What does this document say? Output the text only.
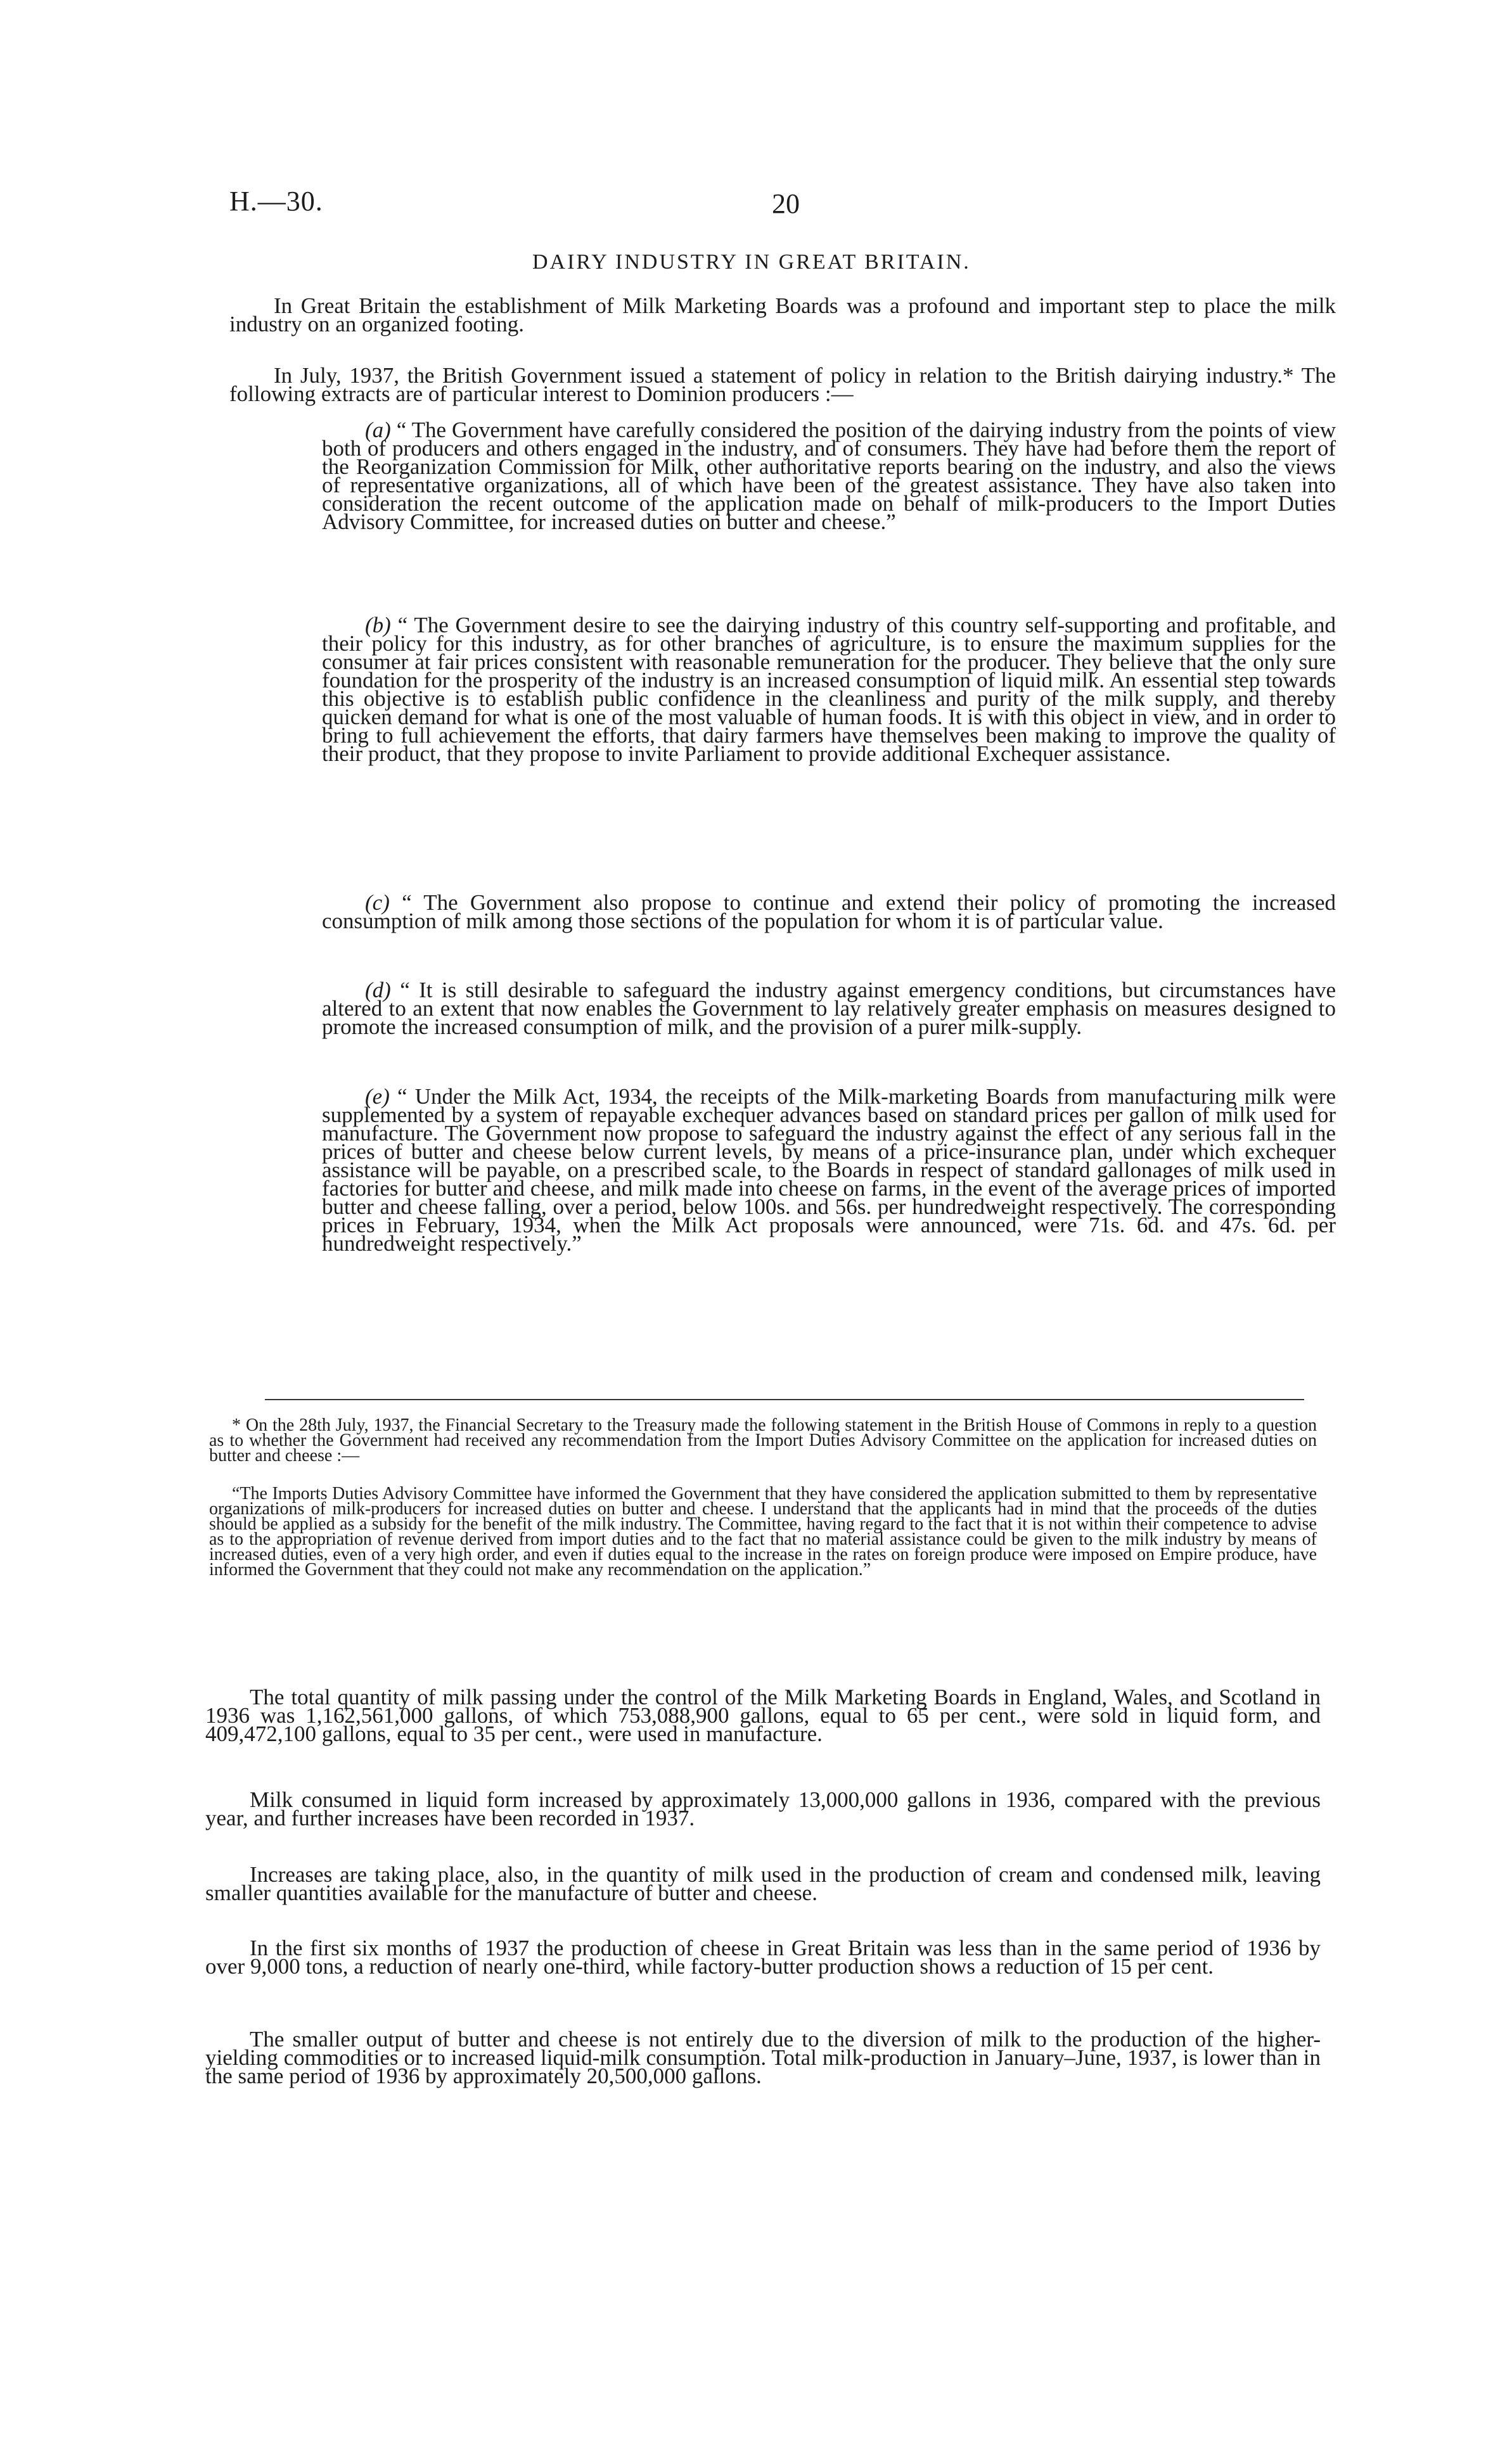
H.—30.	20
DAIRY INDUSTRY IN GREAT BRITAIN.

In Great Britain the establishment of Milk Marketing Boards was a profound and important step to place the milk industry on an organized footing.

In July, 1937, the British Government issued a statement of policy in relation to the British dairying industry.* The following extracts are of particular interest to Dominion producers :—

(a) “ The Government have carefully considered the position of the dairying industry from the points of view both of producers and others engaged in the industry, and of consumers. They have had before them the report of the Reorganization Commission for Milk, other authoritative reports bearing on the industry, and also the views of representative organizations, all of which have been of the greatest assistance. They have also taken into consideration the recent outcome of the application made on behalf of milk-producers to the Import Duties Advisory Committee, for increased duties on butter and cheese.”

(b) “ The Government desire to see the dairying industry of this country self-supporting and profitable, and their policy for this industry, as for other branches of agriculture, is to ensure the maximum supplies for the consumer at fair prices consistent with reasonable remuneration for the producer. They believe that the only sure foundation for the prosperity of the industry is an increased consumption of liquid milk. An essential step towards this objective is to establish public confidence in the cleanliness and purity of the milk supply, and thereby quicken demand for what is one of the most valuable of human foods. It is with this object in view, and in order to bring to full achievement the efforts, that dairy farmers have themselves been making to improve the quality of their product, that they propose to invite Parliament to provide additional Exchequer assistance.

(c) “ The Government also propose to continue and extend their policy of promoting the increased consumption of milk among those sections of the population for whom it is of particular value.

(d) “ It is still desirable to safeguard the industry against emergency conditions, but circumstances have altered to an extent that now enables the Government to lay relatively greater emphasis on measures designed to promote the increased consumption of milk, and the provision of a purer milk-supply.

(e) “ Under the Milk Act, 1934, the receipts of the Milk-marketing Boards from manufacturing milk were supplemented by a system of repayable exchequer advances based on standard prices per gallon of milk used for manufacture. The Government now propose to safeguard the industry against the effect of any serious fall in the prices of butter and cheese below current levels, by means of a price-insurance plan, under which exchequer assistance will be payable, on a prescribed scale, to the Boards in respect of standard gallonages of milk used in factories for butter and cheese, and milk made into cheese on farms, in the event of the average prices of imported butter and cheese falling, over a period, below 100s. and 56s. per hundredweight respectively. The corresponding prices in February, 1934, when the Milk Act proposals were announced, were 71s. 6d. and 47s. 6d. per hundredweight respectively.”

* On the 28th July, 1937, the Financial Secretary to the Treasury made the following statement in the British House of Commons in reply to a question as to whether the Government had received any recommendation from the Import Duties Advisory Committee on the application for increased duties on butter and cheese :—

“The Imports Duties Advisory Committee have informed the Government that they have considered the application submitted to them by representative organizations of milk-producers for increased duties on butter and cheese. I understand that the applicants had in mind that the proceeds of the duties should be applied as a subsidy for the benefit of the milk industry. The Committee, having regard to the fact that it is not within their competence to advise as to the appropriation of revenue derived from import duties and to the fact that no material assistance could be given to the milk industry by means of increased duties, even of a very high order, and even if duties equal to the increase in the rates on foreign produce were imposed on Empire produce, have informed the Government that they could not make any recommendation on the application.”

The total quantity of milk passing under the control of the Milk Marketing Boards in England, Wales, and Scotland in 1936 was 1,162,561,000 gallons, of which 753,088,900 gallons, equal to 65 per cent., were sold in liquid form, and 409,472,100 gallons, equal to 35 per cent., were used in manufacture.

Milk consumed in liquid form increased by approximately 13,000,000 gallons in 1936, compared with the previous year, and further increases have been recorded in 1937.

Increases are taking place, also, in the quantity of milk used in the production of cream and condensed milk, leaving smaller quantities available for the manufacture of butter and cheese.

In the first six months of 1937 the production of cheese in Great Britain was less than in the same period of 1936 by over 9,000 tons, a reduction of nearly one-third, while factory-butter production shows a reduction of 15 per cent.

The smaller output of butter and cheese is not entirely due to the diversion of milk to the production of the higher-yielding commodities or to increased liquid-milk consumption. Total milk-production in January–June, 1937, is lower than in the same period of 1936 by approximately 20,500,000 gallons.
